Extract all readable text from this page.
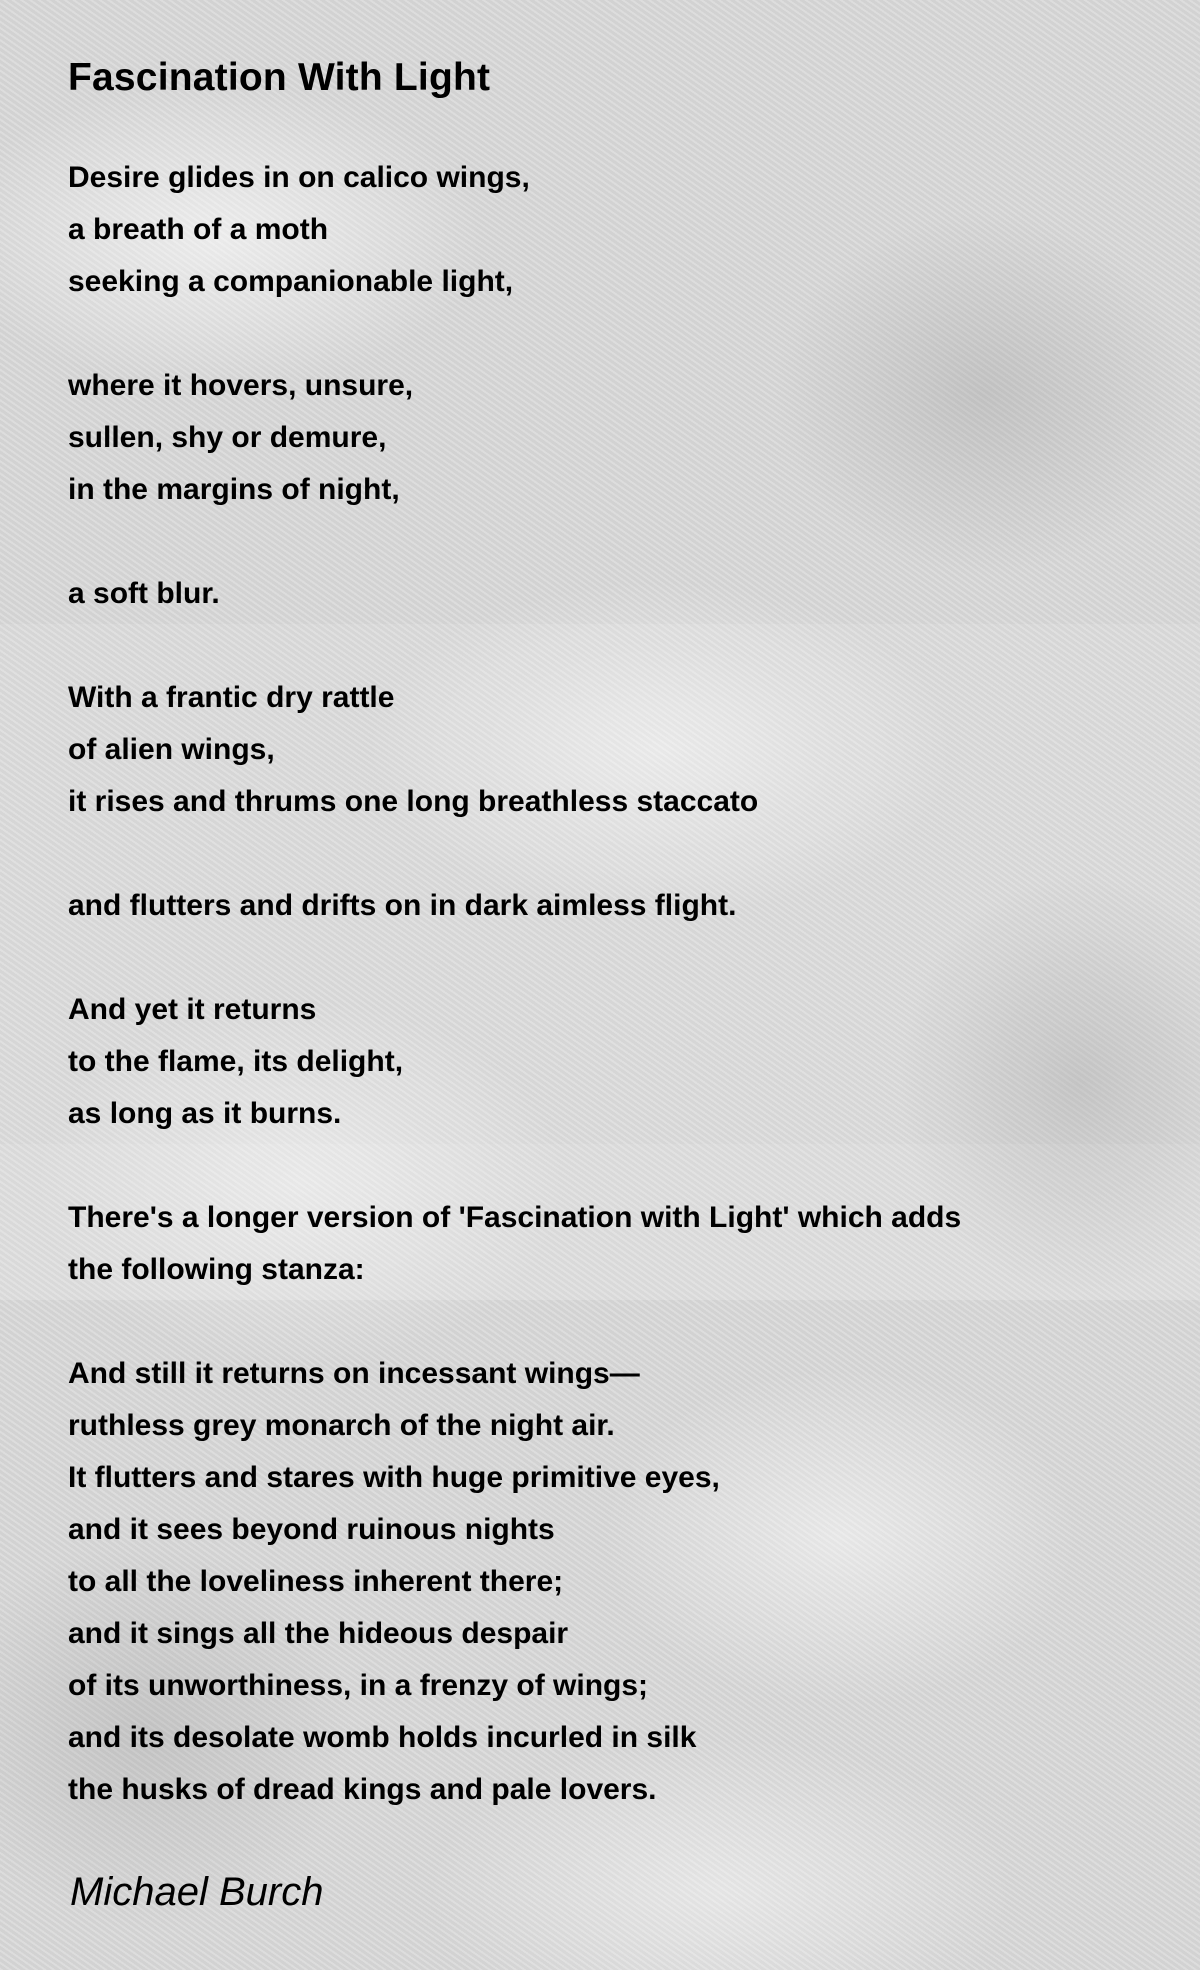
Fascination With Light
Desire glides in on calico wings,
a breath of a moth
seeking a companionable light,
where it hovers, unsure,
sullen, shy or demure,
in the margins of night,
a soft blur.
With a frantic dry rattle
of alien wings,
it rises and thrums one long breathless staccato
and flutters and drifts on in dark aimless flight.
And yet it returns
to the flame, its delight,
as long as it burns.
There's a longer version of 'Fascination with Light' which adds
the following stanza:
And still it returns on incessant wings—
ruthless grey monarch of the night air.
It flutters and stares with huge primitive eyes,
and it sees beyond ruinous nights
to all the loveliness inherent there;
and it sings all the hideous despair
of its unworthiness, in a frenzy of wings;
and its desolate womb holds incurled in silk
the husks of dread kings and pale lovers.

Michael Burch
